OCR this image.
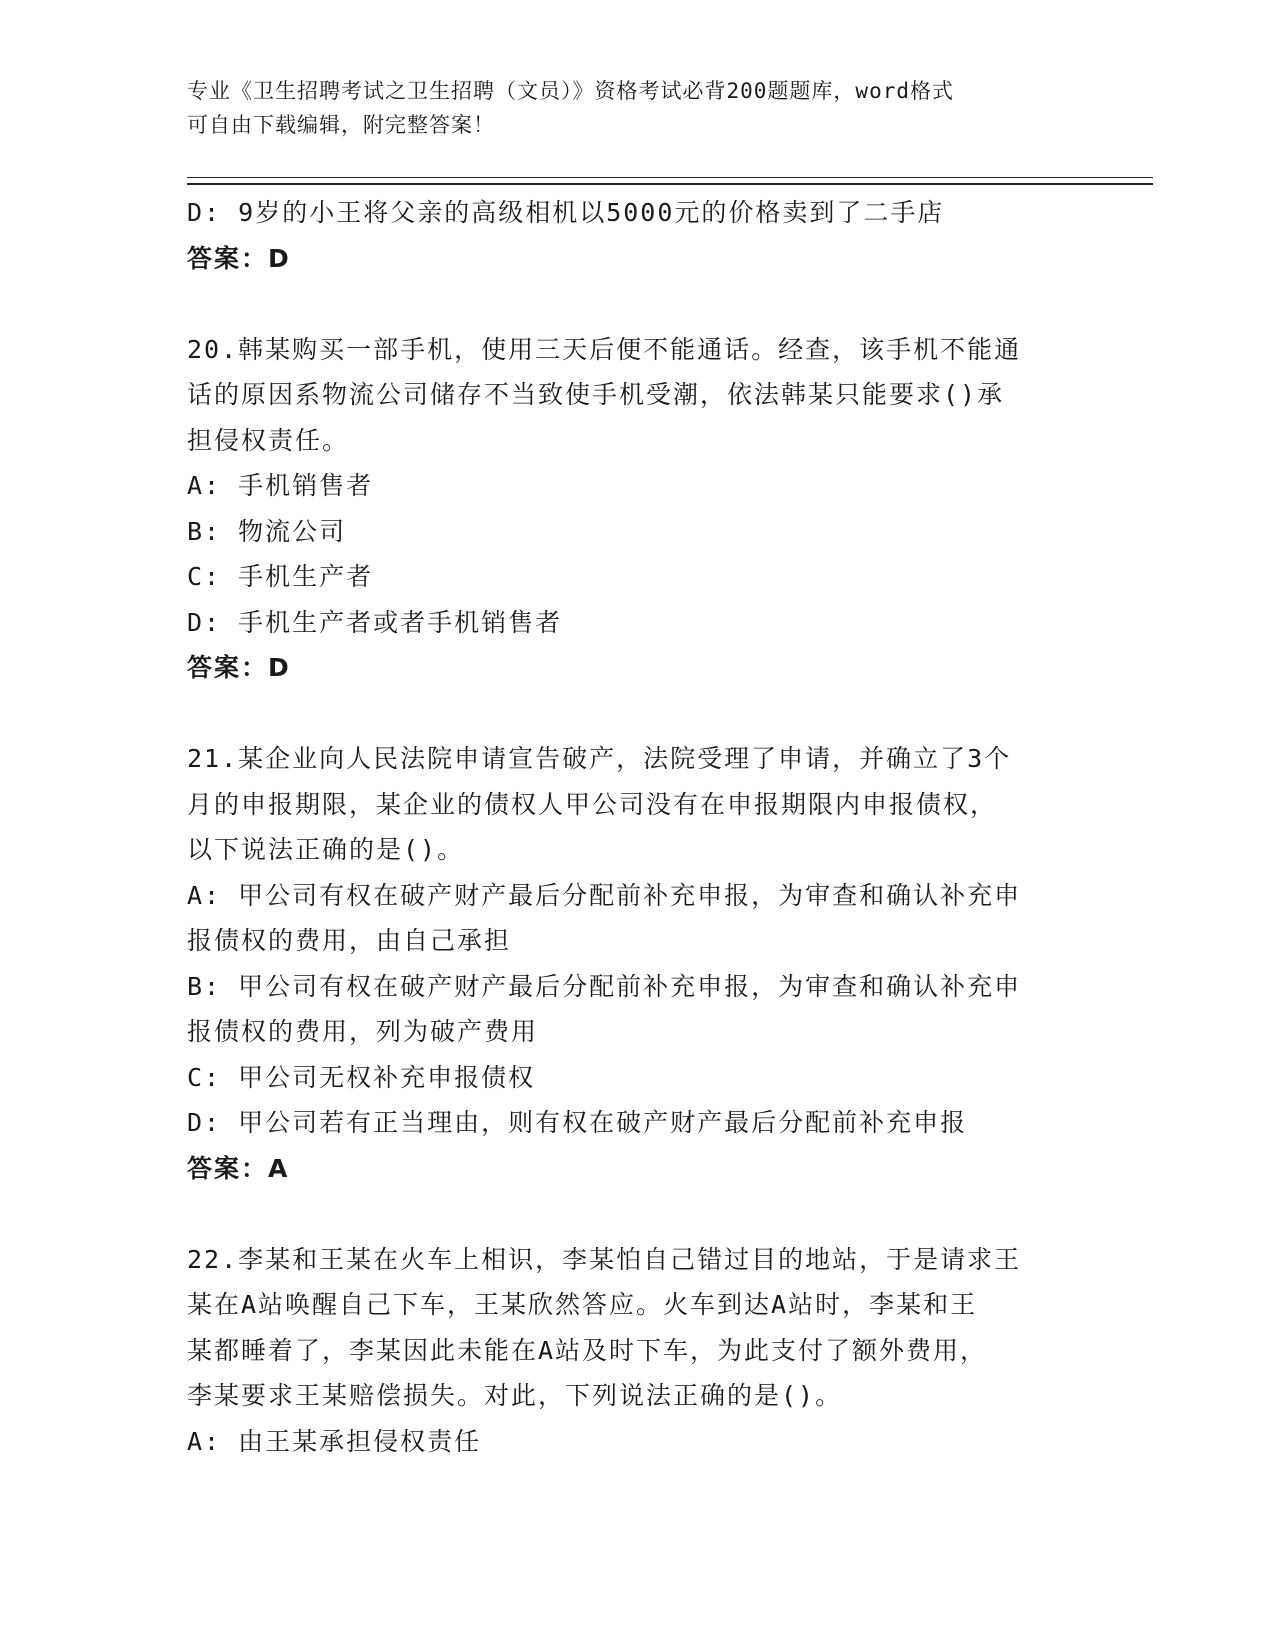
专业《卫生招聘考试之卫生招聘（文员）》资格考试必背200题题库，word格式
可自由下载编辑，附完整答案！
D: 9岁的小王将父亲的高级相机以5000元的价格卖到了二手店
答案：D
20.韩某购买一部手机，使用三天后便不能通话。经查，该手机不能通
话的原因系物流公司储存不当致使手机受潮，依法韩某只能要求()承
担侵权责任。
A: 手机销售者
B: 物流公司
C: 手机生产者
D: 手机生产者或者手机销售者
答案：D
21.某企业向人民法院申请宣告破产，法院受理了申请，并确立了3个
月的申报期限，某企业的债权人甲公司没有在申报期限内申报债权，
以下说法正确的是()。
A: 甲公司有权在破产财产最后分配前补充申报，为审查和确认补充申
报债权的费用，由自己承担
B: 甲公司有权在破产财产最后分配前补充申报，为审查和确认补充申
报债权的费用，列为破产费用
C: 甲公司无权补充申报债权
D: 甲公司若有正当理由，则有权在破产财产最后分配前补充申报
答案：A
22.李某和王某在火车上相识，李某怕自己错过目的地站，于是请求王
某在A站唤醒自己下车，王某欣然答应。火车到达A站时，李某和王
某都睡着了，李某因此未能在A站及时下车，为此支付了额外费用，
李某要求王某赔偿损失。对此，下列说法正确的是()。
A: 由王某承担侵权责任
